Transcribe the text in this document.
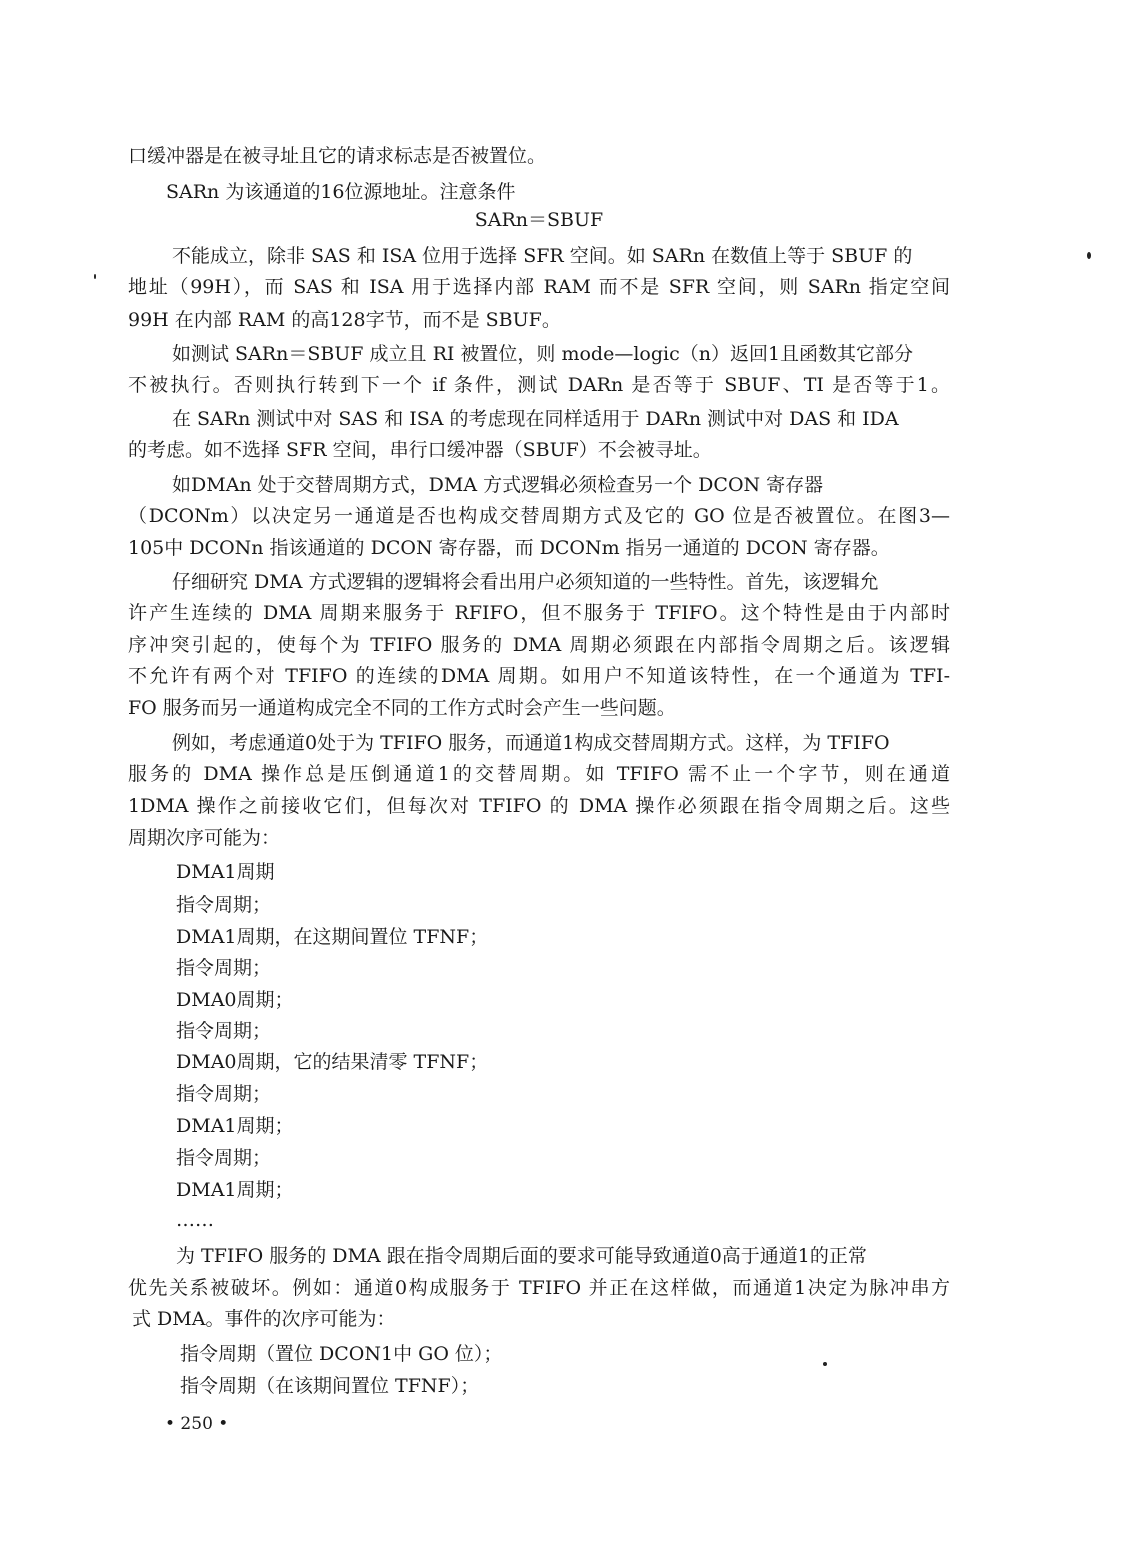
口缓冲器是在被寻址且它的请求标志是否被置位。
SARn 为该通道的16位源地址。注意条件
SARn＝SBUF
不能成立，除非 SAS 和 ISA 位用于选择 SFR 空间。如 SARn 在数值上等于 SBUF 的
地址（99H），而 SAS 和 ISA 用于选择内部 RAM 而不是 SFR 空间，则 SARn 指定空间
99H 在内部 RAM 的高128字节，而不是 SBUF。
如测试 SARn＝SBUF 成立且 RI 被置位，则 mode—logic（n）返回1且函数其它部分
不被执行。否则执行转到下一个 if 条件，测试 DARn 是否等于 SBUF、TI 是否等于1。
在 SARn 测试中对 SAS 和 ISA 的考虑现在同样适用于 DARn 测试中对 DAS 和 IDA
的考虑。如不选择 SFR 空间，串行口缓冲器（SBUF）不会被寻址。
如DMAn 处于交替周期方式，DMA 方式逻辑必须检查另一个 DCON 寄存器
（DCONm）以决定另一通道是否也构成交替周期方式及它的 GO 位是否被置位。在图3—
105中 DCONn 指该通道的 DCON 寄存器，而 DCONm 指另一通道的 DCON 寄存器。
仔细研究 DMA 方式逻辑的逻辑将会看出用户必须知道的一些特性。首先，该逻辑允
许产生连续的 DMA 周期来服务于 RFIFO，但不服务于 TFIFO。这个特性是由于内部时
序冲突引起的，使每个为 TFIFO 服务的 DMA 周期必须跟在内部指令周期之后。该逻辑
不允许有两个对 TFIFO 的连续的DMA 周期。如用户不知道该特性，在一个通道为 TFI-
FO 服务而另一通道构成完全不同的工作方式时会产生一些问题。
例如，考虑通道0处于为 TFIFO 服务，而通道1构成交替周期方式。这样，为 TFIFO
服务的 DMA 操作总是压倒通道1的交替周期。如 TFIFO 需不止一个字节，则在通道
1DMA 操作之前接收它们，但每次对 TFIFO 的 DMA 操作必须跟在指令周期之后。这些
周期次序可能为：
DMA1周期
指令周期；
DMA1周期，在这期间置位 TFNF；
指令周期；
DMA0周期；
指令周期；
DMA0周期，它的结果清零 TFNF；
指令周期；
DMA1周期；
指令周期；
DMA1周期；
……
为 TFIFO 服务的 DMA 跟在指令周期后面的要求可能导致通道0高于通道1的正常
优先关系被破坏。例如：通道0构成服务于 TFIFO 并正在这样做，而通道1决定为脉冲串方
式 DMA。事件的次序可能为：
指令周期（置位 DCON1中 GO 位）；
指令周期（在该期间置位 TFNF）；
• 250 •
